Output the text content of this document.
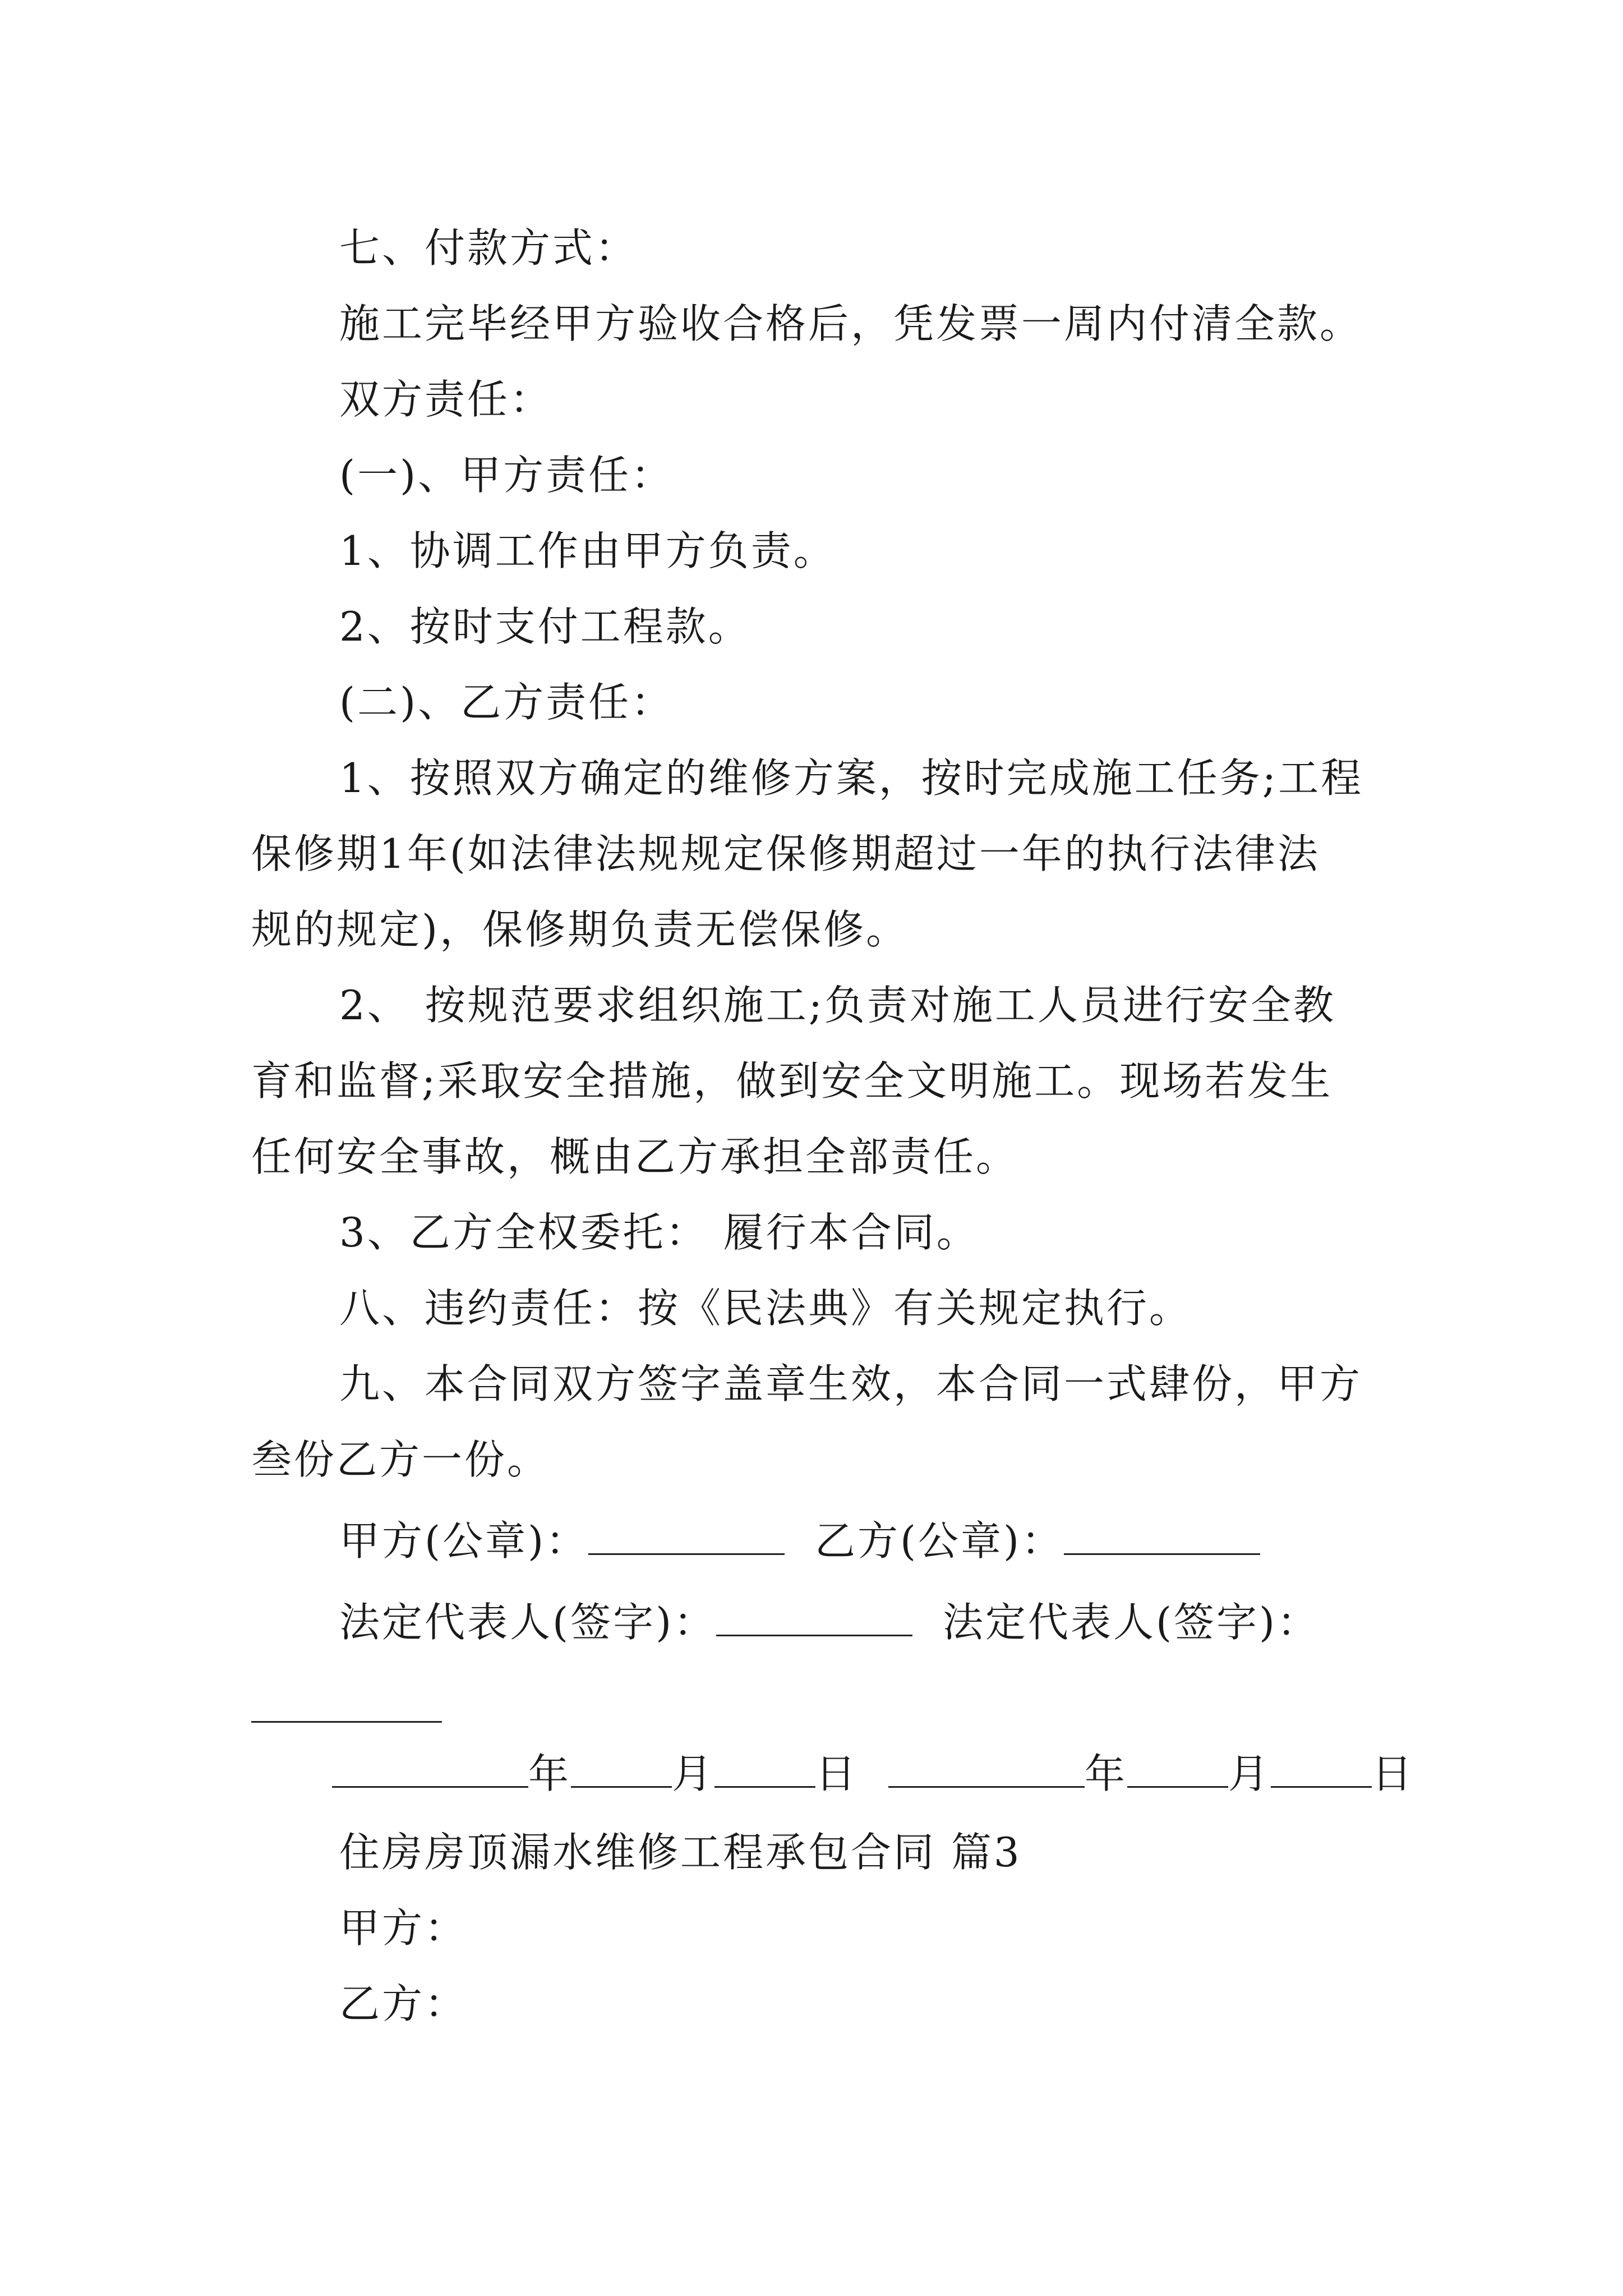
七、付款方式：
施工完毕经甲方验收合格后，凭发票一周内付清全款。
双方责任：
(一)、甲方责任：
1、协调工作由甲方负责。
2、按时支付工程款。
(二)、乙方责任：
1、按照双方确定的维修方案，按时完成施工任务;工程
保修期1年(如法律法规规定保修期超过一年的执行法律法
规的规定)，保修期负责无偿保修。
2、 按规范要求组织施工;负责对施工人员进行安全教
育和监督;采取安全措施，做到安全文明施工。现场若发生
任何安全事故，概由乙方承担全部责任。
3、乙方全权委托： 履行本合同。
八、违约责任：按《民法典》有关规定执行。
九、本合同双方签字盖章生效，本合同一式肆份，甲方
叁份乙方一份。
甲方(公章)：	乙方(公章)：
法定代表人(签字)：	法定代表人(签字)：
年	月	日	年	月	日
住房房顶漏水维修工程承包合同 篇3
甲方：
乙方：
